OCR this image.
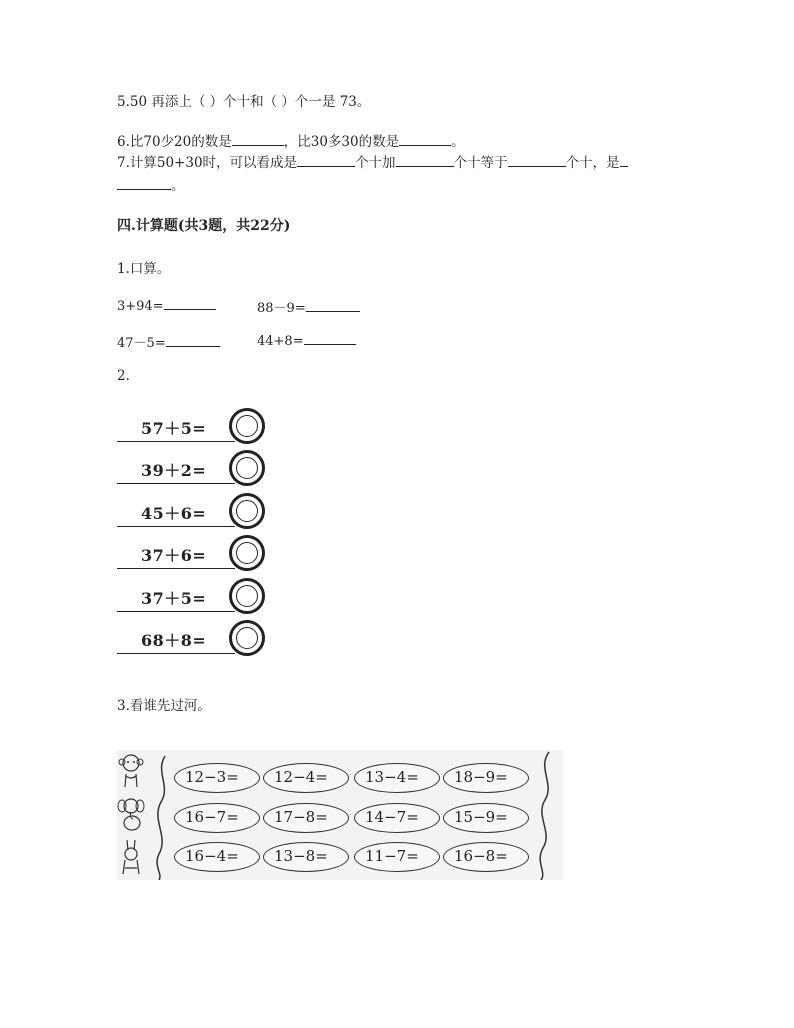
5.50 再添上（ ）个十和（ ）个一是 73。
6.比70少20的数是	，比30多30的数是	。
7.计算50+30时，可以看成是	个十加	个十等于	个十，是
。
四.计算题(共3题，共22分)
1.口算。
3+94=	88－9=
47－5=	44+8=
2.
57＋5=
39＋2=
45＋6=
37＋6=
37＋5=
68＋8=
3.看谁先过河。
12−3=	12−4=	13−4=	18−9=
16−7=	17−8=	14−7=	15−9=
16−4=	13−8=	11−7=	16−8=
